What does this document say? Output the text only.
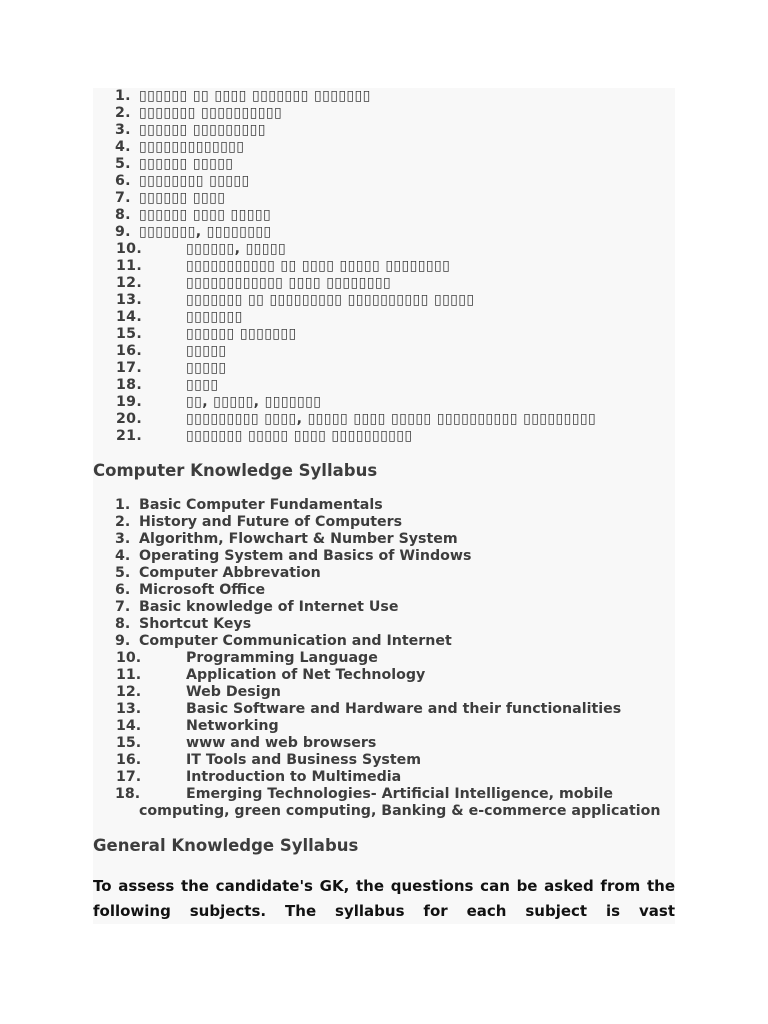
1. ▯▯▯▯▯▯ ▯▯ ▯▯▯▯ ▯▯▯▯▯▯▯ ▯▯▯▯▯▯▯
2. ▯▯▯▯▯▯▯ ▯▯▯▯▯▯▯▯▯▯
3. ▯▯▯▯▯▯ ▯▯▯▯▯▯▯▯▯
4. ▯▯▯▯▯▯▯▯▯▯▯▯▯
5. ▯▯▯▯▯▯ ▯▯▯▯▯
6. ▯▯▯▯▯▯▯▯ ▯▯▯▯▯
7. ▯▯▯▯▯▯ ▯▯▯▯
8. ▯▯▯▯▯▯ ▯▯▯▯ ▯▯▯▯▯
9. ▯▯▯▯▯▯▯, ▯▯▯▯▯▯▯▯
10.	▯▯▯▯▯▯, ▯▯▯▯▯
11.	▯▯▯▯▯▯▯▯▯▯▯ ▯▯ ▯▯▯▯ ▯▯▯▯▯ ▯▯▯▯▯▯▯▯
12.	▯▯▯▯▯▯▯▯▯▯▯▯ ▯▯▯▯ ▯▯▯▯▯▯▯▯
13.	▯▯▯▯▯▯▯ ▯▯ ▯▯▯▯▯▯▯▯▯ ▯▯▯▯▯▯▯▯▯▯ ▯▯▯▯▯
14.	▯▯▯▯▯▯▯
15.	▯▯▯▯▯▯ ▯▯▯▯▯▯▯
16.	▯▯▯▯▯
17.	▯▯▯▯▯
18.	▯▯▯▯
19.	▯▯, ▯▯▯▯▯, ▯▯▯▯▯▯▯
20.	▯▯▯▯▯▯▯▯▯ ▯▯▯▯, ▯▯▯▯▯ ▯▯▯▯ ▯▯▯▯▯ ▯▯▯▯▯▯▯▯▯▯ ▯▯▯▯▯▯▯▯▯
21.	▯▯▯▯▯▯▯ ▯▯▯▯▯ ▯▯▯▯ ▯▯▯▯▯▯▯▯▯▯
Computer Knowledge Syllabus
1. Basic Computer Fundamentals
2. History and Future of Computers
3. Algorithm, Flowchart & Number System
4. Operating System and Basics of Windows
5. Computer Abbrevation
6. Microsoft Office
7. Basic knowledge of Internet Use
8. Shortcut Keys
9. Computer Communication and Internet
10.	Programming Language
11.	Application of Net Technology
12.	Web Design
13.	Basic Software and Hardware and their functionalities
14.	Networking
15.	www and web browsers
16.	IT Tools and Business System
17.	Introduction to Multimedia
18.	Emerging Technologies- Artificial Intelligence, mobile computing, green computing, Banking & e-commerce application
General Knowledge Syllabus

To assess the candidate's GK, the questions can be asked from the following subjects. The syllabus for each subject is vast
